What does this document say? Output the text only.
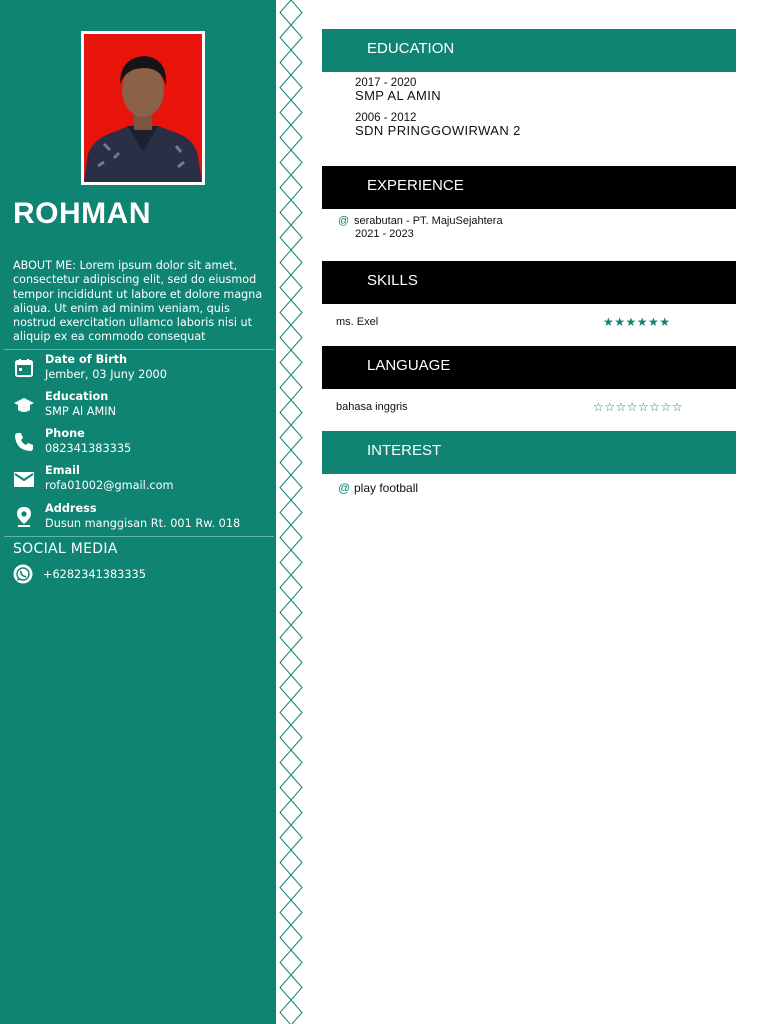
ROHMAN
ABOUT ME: Lorem ipsum dolor sit amet, consectetur adipiscing elit, sed do eiusmod tempor incididunt ut labore et dolore magna aliqua. Ut enim ad minim veniam, quis nostrud exercitation ullamco laboris nisi ut aliquip ex ea commodo consequat
Date of Birth
Jember, 03 Juny 2000
Education
SMP Al AMIN
Phone
082341383335
Email
rofa01002@gmail.com
Address
Dusun manggisan Rt. 001 Rw. 018
SOCIAL MEDIA
+6282341383335
EDUCATION
2017 - 2020
SMP AL AMIN
2006 - 2012
SDN PRINGGOWIRWAN 2
EXPERIENCE
@ serabutan - PT. MajuSejahtera
2021 - 2023
SKILLS
ms. Exel	★★★★★★
LANGUAGE
bahasa inggris	☆☆☆☆☆☆☆☆
INTEREST
@ play football
